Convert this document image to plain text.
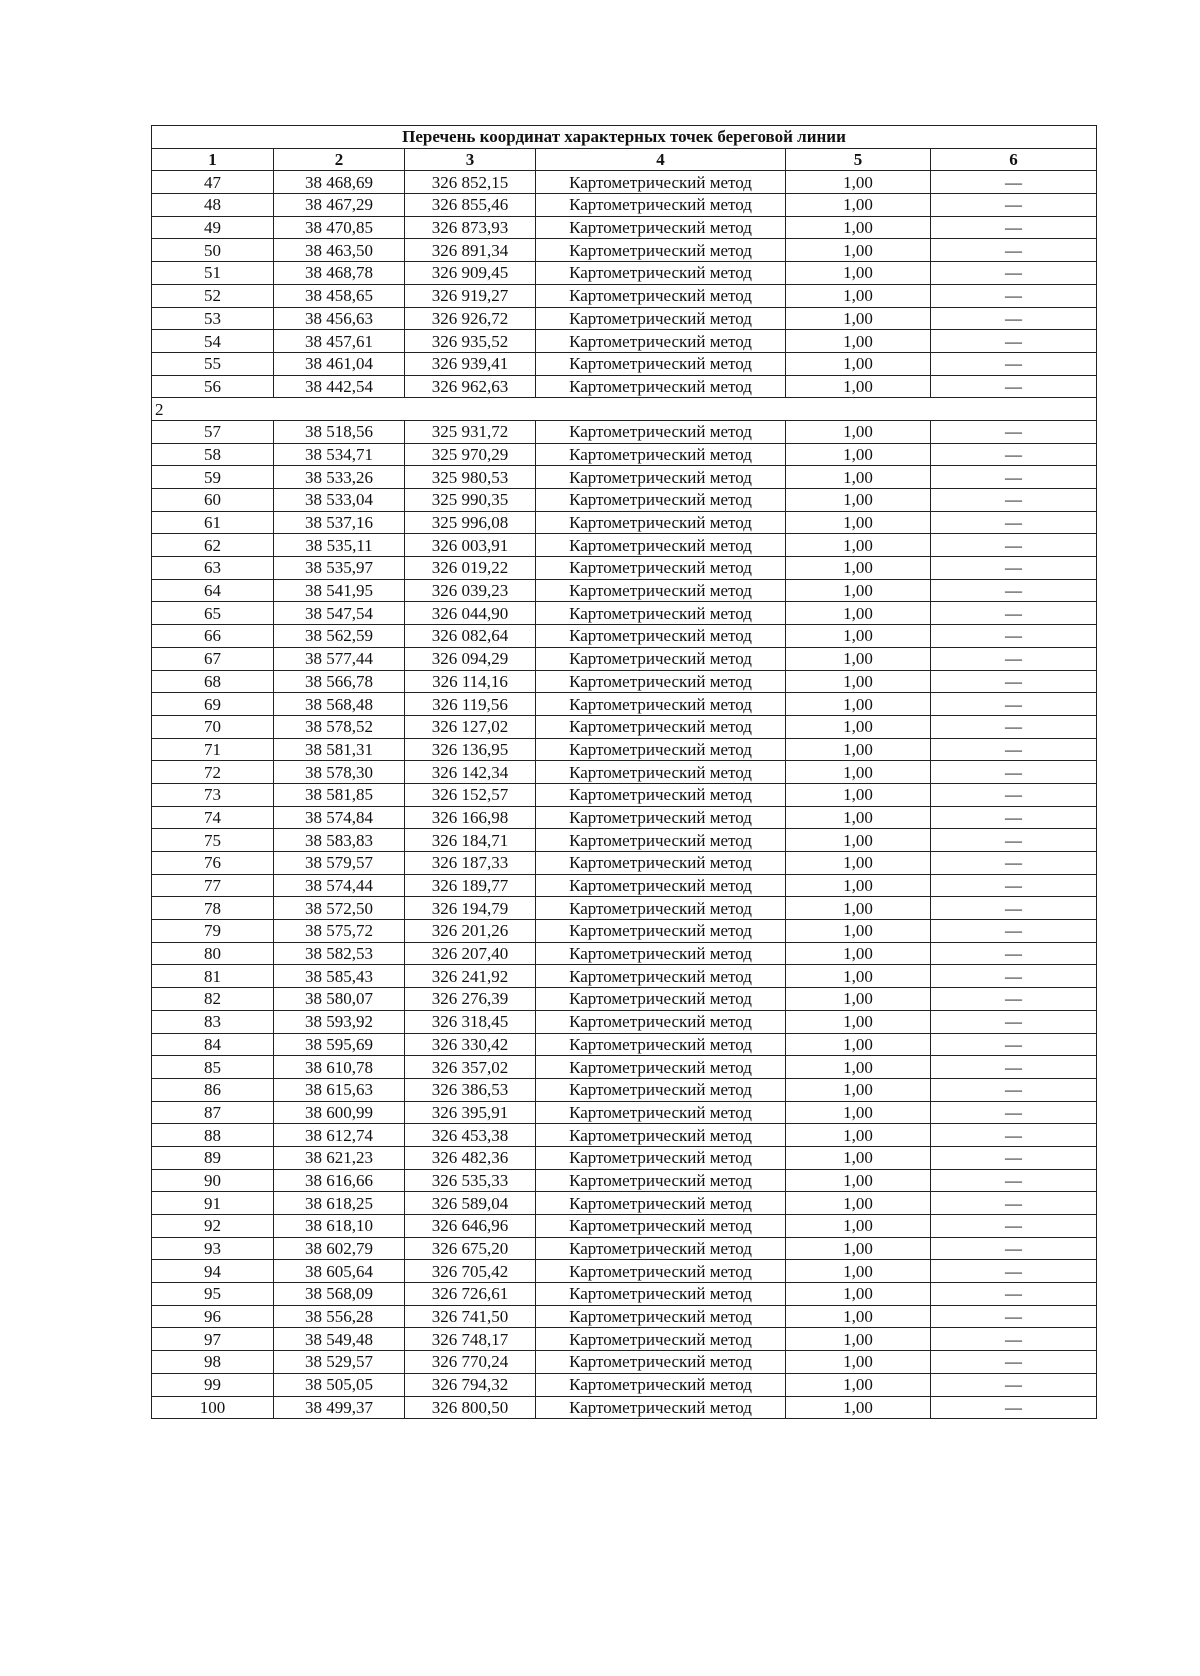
Перечень координат характерных точек береговой линии					
1	2	3	4	5	6
47	38 468,69	326 852,15	Картометрический метод	1,00	—
48	38 467,29	326 855,46	Картометрический метод	1,00	—
49	38 470,85	326 873,93	Картометрический метод	1,00	—
50	38 463,50	326 891,34	Картометрический метод	1,00	—
51	38 468,78	326 909,45	Картометрический метод	1,00	—
52	38 458,65	326 919,27	Картометрический метод	1,00	—
53	38 456,63	326 926,72	Картометрический метод	1,00	—
54	38 457,61	326 935,52	Картометрический метод	1,00	—
55	38 461,04	326 939,41	Картометрический метод	1,00	—
56	38 442,54	326 962,63	Картометрический метод	1,00	—
2					
57	38 518,56	325 931,72	Картометрический метод	1,00	—
58	38 534,71	325 970,29	Картометрический метод	1,00	—
59	38 533,26	325 980,53	Картометрический метод	1,00	—
60	38 533,04	325 990,35	Картометрический метод	1,00	—
61	38 537,16	325 996,08	Картометрический метод	1,00	—
62	38 535,11	326 003,91	Картометрический метод	1,00	—
63	38 535,97	326 019,22	Картометрический метод	1,00	—
64	38 541,95	326 039,23	Картометрический метод	1,00	—
65	38 547,54	326 044,90	Картометрический метод	1,00	—
66	38 562,59	326 082,64	Картометрический метод	1,00	—
67	38 577,44	326 094,29	Картометрический метод	1,00	—
68	38 566,78	326 114,16	Картометрический метод	1,00	—
69	38 568,48	326 119,56	Картометрический метод	1,00	—
70	38 578,52	326 127,02	Картометрический метод	1,00	—
71	38 581,31	326 136,95	Картометрический метод	1,00	—
72	38 578,30	326 142,34	Картометрический метод	1,00	—
73	38 581,85	326 152,57	Картометрический метод	1,00	—
74	38 574,84	326 166,98	Картометрический метод	1,00	—
75	38 583,83	326 184,71	Картометрический метод	1,00	—
76	38 579,57	326 187,33	Картометрический метод	1,00	—
77	38 574,44	326 189,77	Картометрический метод	1,00	—
78	38 572,50	326 194,79	Картометрический метод	1,00	—
79	38 575,72	326 201,26	Картометрический метод	1,00	—
80	38 582,53	326 207,40	Картометрический метод	1,00	—
81	38 585,43	326 241,92	Картометрический метод	1,00	—
82	38 580,07	326 276,39	Картометрический метод	1,00	—
83	38 593,92	326 318,45	Картометрический метод	1,00	—
84	38 595,69	326 330,42	Картометрический метод	1,00	—
85	38 610,78	326 357,02	Картометрический метод	1,00	—
86	38 615,63	326 386,53	Картометрический метод	1,00	—
87	38 600,99	326 395,91	Картометрический метод	1,00	—
88	38 612,74	326 453,38	Картометрический метод	1,00	—
89	38 621,23	326 482,36	Картометрический метод	1,00	—
90	38 616,66	326 535,33	Картометрический метод	1,00	—
91	38 618,25	326 589,04	Картометрический метод	1,00	—
92	38 618,10	326 646,96	Картометрический метод	1,00	—
93	38 602,79	326 675,20	Картометрический метод	1,00	—
94	38 605,64	326 705,42	Картометрический метод	1,00	—
95	38 568,09	326 726,61	Картометрический метод	1,00	—
96	38 556,28	326 741,50	Картометрический метод	1,00	—
97	38 549,48	326 748,17	Картометрический метод	1,00	—
98	38 529,57	326 770,24	Картометрический метод	1,00	—
99	38 505,05	326 794,32	Картометрический метод	1,00	—
100	38 499,37	326 800,50	Картометрический метод	1,00	—
